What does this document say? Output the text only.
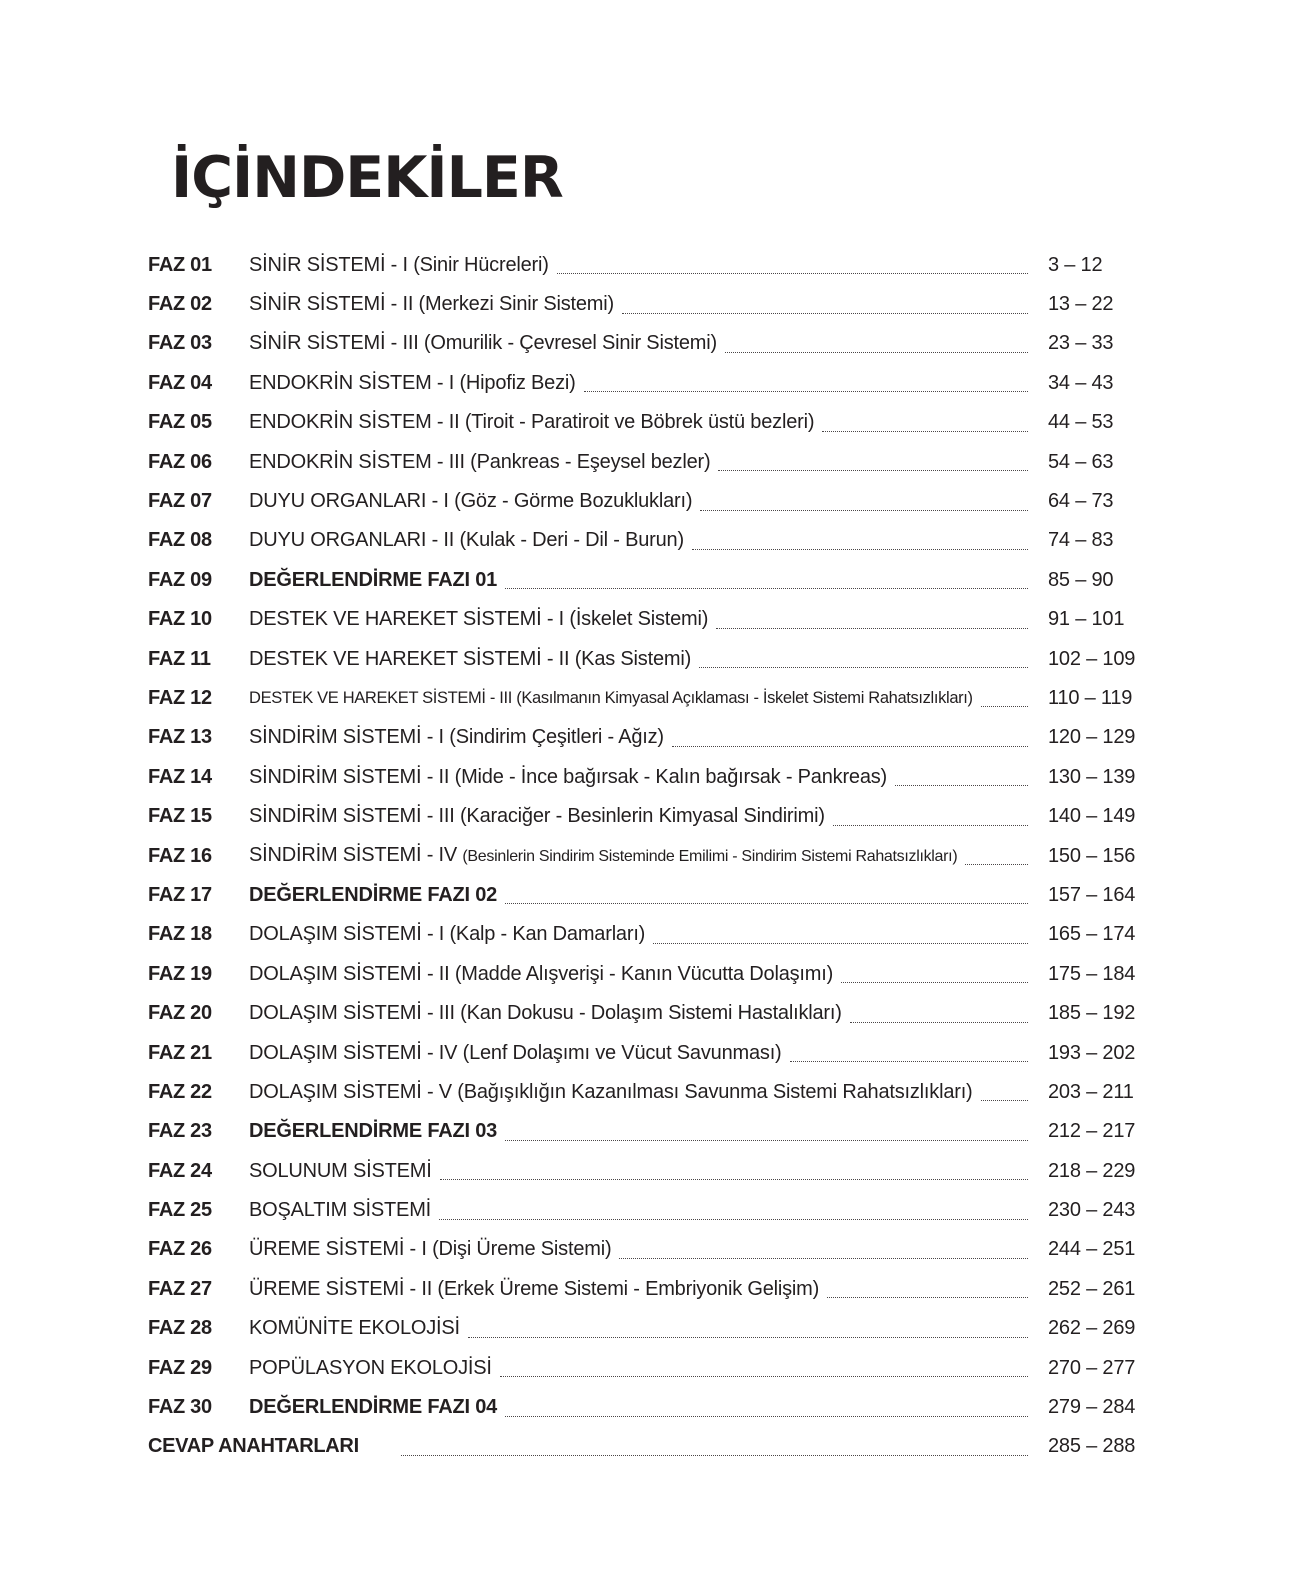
İÇİNDEKİLER
FAZ 01	SİNİR SİSTEMİ - I (Sinir Hücreleri)	3 – 12
FAZ 02	SİNİR SİSTEMİ - II (Merkezi Sinir Sistemi)	13 – 22
FAZ 03	SİNİR SİSTEMİ - III (Omurilik - Çevresel Sinir Sistemi)	23 – 33
FAZ 04	ENDOKRİN SİSTEM - I (Hipofiz Bezi)	34 – 43
FAZ 05	ENDOKRİN SİSTEM - II (Tiroit - Paratiroit ve Böbrek üstü bezleri)	44 – 53
FAZ 06	ENDOKRİN SİSTEM - III (Pankreas - Eşeysel bezler)	54 – 63
FAZ 07	DUYU ORGANLARI - I (Göz - Görme Bozuklukları)	64 – 73
FAZ 08	DUYU ORGANLARI - II (Kulak - Deri - Dil - Burun)	74 – 83
FAZ 09	DEĞERLENDİRME FAZI 01	85 – 90
FAZ 10	DESTEK VE HAREKET SİSTEMİ - I (İskelet Sistemi)	91 – 101
FAZ 11	DESTEK VE HAREKET SİSTEMİ - II (Kas Sistemi)	102 – 109
FAZ 12	DESTEK VE HAREKET SİSTEMİ - III (Kasılmanın Kimyasal Açıklaması - İskelet Sistemi Rahatsızlıkları)	110 – 119
FAZ 13	SİNDİRİM SİSTEMİ - I (Sindirim Çeşitleri - Ağız)	120 – 129
FAZ 14	SİNDİRİM SİSTEMİ - II (Mide - İnce bağırsak - Kalın bağırsak - Pankreas)	130 – 139
FAZ 15	SİNDİRİM SİSTEMİ - III (Karaciğer - Besinlerin Kimyasal Sindirimi)	140 – 149
FAZ 16	SİNDİRİM SİSTEMİ - IV (Besinlerin Sindirim Sisteminde Emilimi - Sindirim Sistemi Rahatsızlıkları)	150 – 156
FAZ 17	DEĞERLENDİRME FAZI 02	157 – 164
FAZ 18	DOLAŞIM SİSTEMİ - I (Kalp - Kan Damarları)	165 – 174
FAZ 19	DOLAŞIM SİSTEMİ - II (Madde Alışverişi - Kanın Vücutta Dolaşımı)	175 – 184
FAZ 20	DOLAŞIM SİSTEMİ - III (Kan Dokusu - Dolaşım Sistemi Hastalıkları)	185 – 192
FAZ 21	DOLAŞIM SİSTEMİ - IV (Lenf Dolaşımı ve Vücut Savunması)	193 – 202
FAZ 22	DOLAŞIM SİSTEMİ - V (Bağışıklığın Kazanılması Savunma Sistemi Rahatsızlıkları)	203 – 211
FAZ 23	DEĞERLENDİRME FAZI 03	212 – 217
FAZ 24	SOLUNUM SİSTEMİ	218 – 229
FAZ 25	BOŞALTIM SİSTEMİ	230 – 243
FAZ 26	ÜREME SİSTEMİ - I (Dişi Üreme Sistemi)	244 – 251
FAZ 27	ÜREME SİSTEMİ - II (Erkek Üreme Sistemi - Embriyonik Gelişim)	252 – 261
FAZ 28	KOMÜNİTE EKOLOJİSİ	262 – 269
FAZ 29	POPÜLASYON EKOLOJİSİ	270 – 277
FAZ 30	DEĞERLENDİRME FAZI 04	279 – 284
CEVAP ANAHTARLARI	285 – 288
